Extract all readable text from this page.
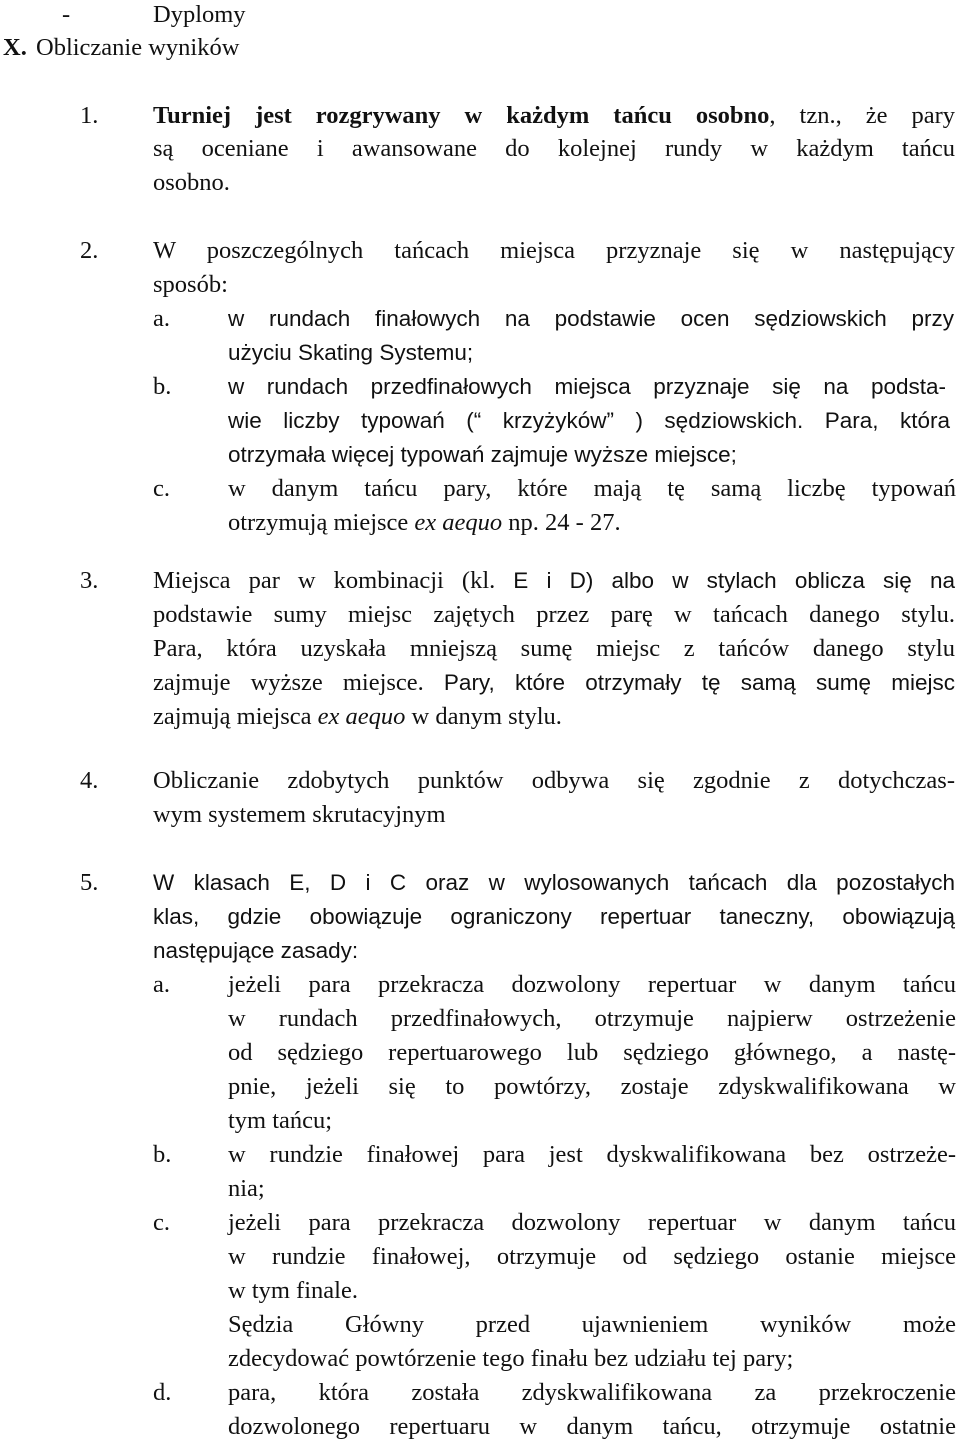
-	Dyplomy
X. Obliczanie wyników
1. Turniej jest rozgrywany w każdym tańcu osobno, tzn., że pary
są oceniane i awansowane do kolejnej rundy w każdym tańcu
osobno.
2. W poszczególnych tańcach miejsca przyznaje się w następujący
sposób:
a.	w rundach finałowych na podstawie ocen sędziowskich przy
użyciu Skating Systemu;
b.	w rundach przedfinałowych miejsca przyznaje się na podsta-
wie liczby typowań (“ krzyżyków” ) sędziowskich. Para, która
otrzymała więcej typowań zajmuje wyższe miejsce;
c. w danym tańcu pary, które mają tę samą liczbę typowań
otrzymują miejsce ex aequo np. 24 - 27.
3. Miejsca par w kombinacji (kl. E i D) albo w stylach oblicza się na
podstawie sumy miejsc zajętych przez parę w tańcach danego stylu.
Para, która uzyskała mniejszą sumę miejsc z tańców danego stylu
zajmuje wyższe miejsce. Pary, które otrzymały tę samą sumę miejsc
zajmują miejsca ex aequo w danym stylu.
4. Obliczanie zdobytych punktów odbywa się zgodnie z dotychczas-
wym systemem skrutacyjnym
5. W klasach E, D i C oraz w wylosowanych tańcach dla pozostałych
klas, gdzie obowiązuje ograniczony repertuar taneczny, obowiązują
następujące zasady:
a. jeżeli para przekracza dozwolony repertuar w danym tańcu
w rundach przedfinałowych, otrzymuje najpierw ostrzeżenie
od sędziego repertuarowego lub sędziego głównego, a nastę-
pnie, jeżeli się to powtórzy, zostaje zdyskwalifikowana w
tym tańcu;
b. w rundzie finałowej para jest dyskwalifikowana bez ostrzeże-
nia;
c. jeżeli para przekracza dozwolony repertuar w danym tańcu
w rundzie finałowej, otrzymuje od sędziego ostanie miejsce
w tym finale.
Sędzia Główny przed ujawnieniem wyników może
zdecydować powtórzenie tego finału bez udziału tej pary;
d. para, która została zdyskwalifikowana za przekroczenie
dozwolonego repertuaru w danym tańcu, otrzymuje ostatnie
